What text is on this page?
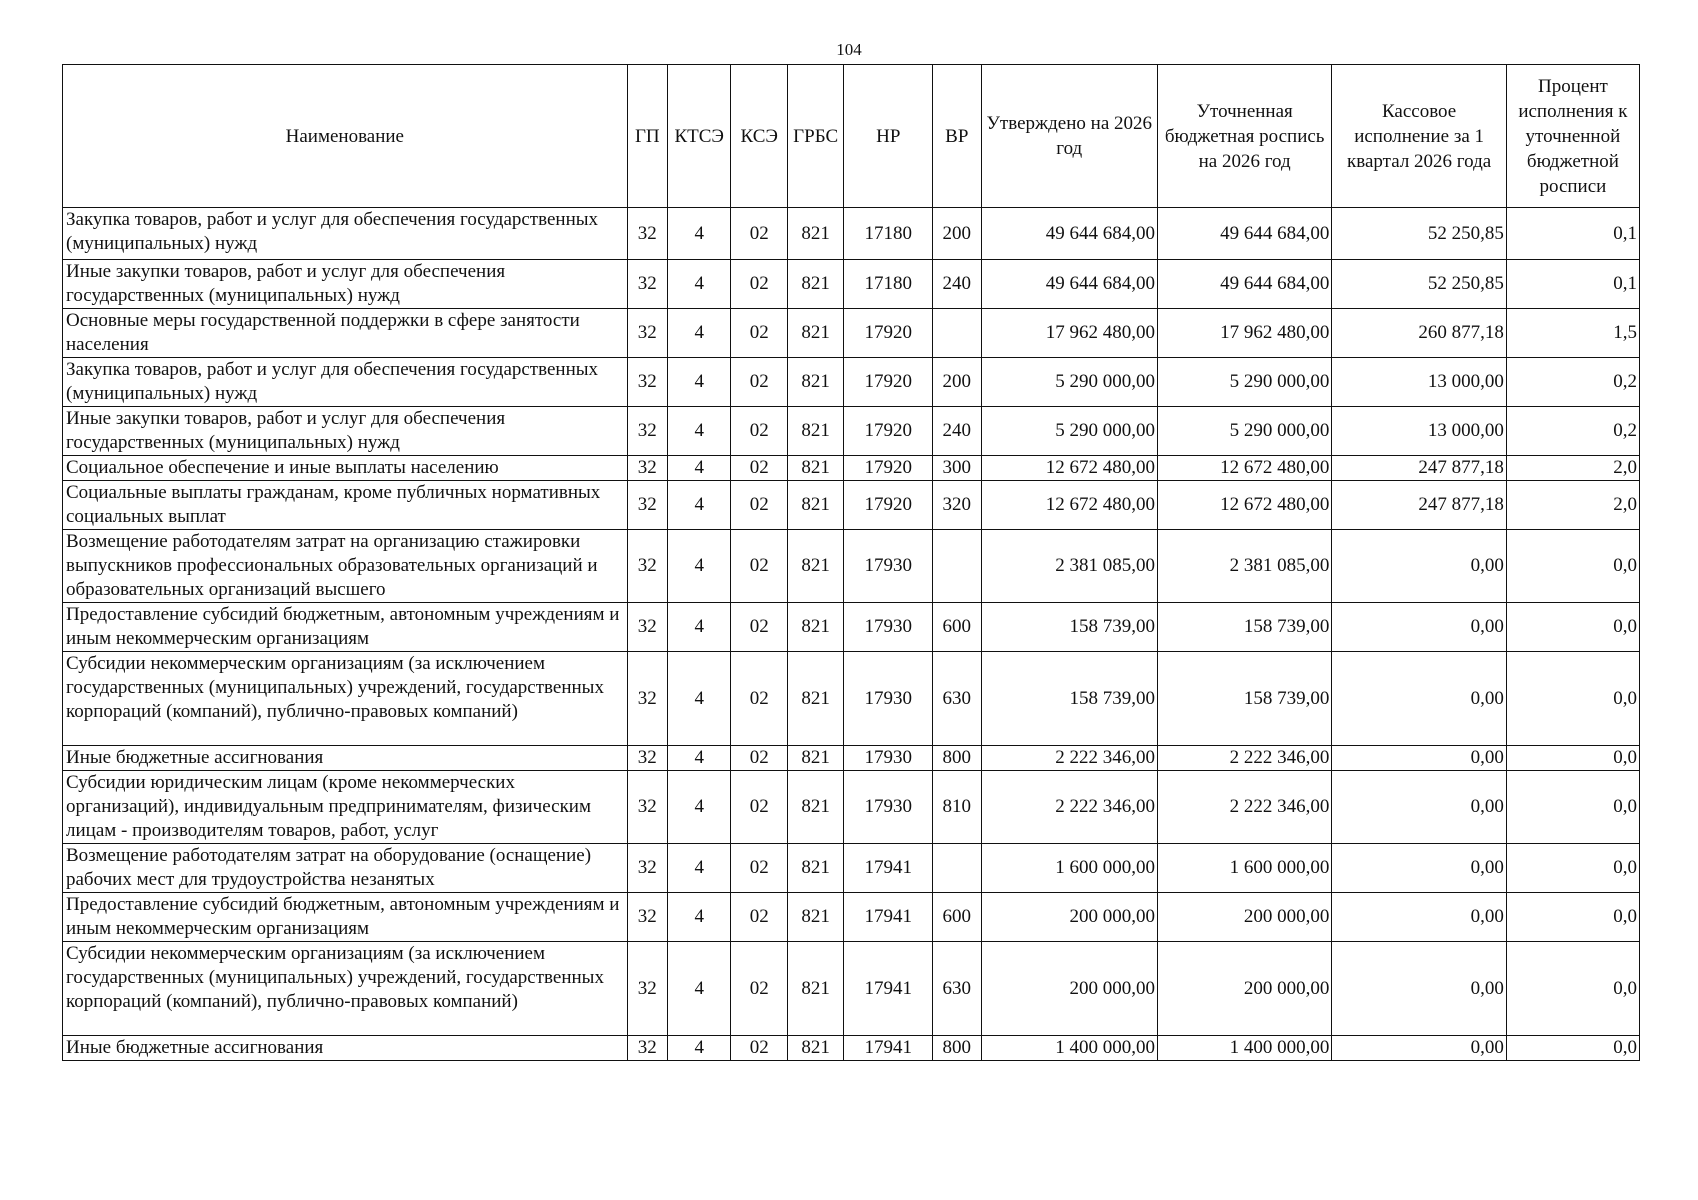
104
Наименование	ГП	КТСЭ	КСЭ	ГРБС	НР	ВР	Утверждено на 2026 год	Уточненная бюджетная роспись на 2026 год	Кассовое исполнение за 1 квартал 2026 года	Процент исполнения к уточненной бюджетной росписи
Закупка товаров, работ и услуг для обеспечения государственных (муниципальных) нужд	32	4	02	821	17180	200	49 644 684,00	49 644 684,00	52 250,85	0,1
Иные закупки товаров, работ и услуг для обеспечения государственных (муниципальных) нужд	32	4	02	821	17180	240	49 644 684,00	49 644 684,00	52 250,85	0,1
Основные меры государственной поддержки в сфере занятости населения	32	4	02	821	17920		17 962 480,00	17 962 480,00	260 877,18	1,5
Закупка товаров, работ и услуг для обеспечения государственных (муниципальных) нужд	32	4	02	821	17920	200	5 290 000,00	5 290 000,00	13 000,00	0,2
Иные закупки товаров, работ и услуг для обеспечения государственных (муниципальных) нужд	32	4	02	821	17920	240	5 290 000,00	5 290 000,00	13 000,00	0,2
Социальное обеспечение и иные выплаты населению	32	4	02	821	17920	300	12 672 480,00	12 672 480,00	247 877,18	2,0
Социальные выплаты гражданам, кроме публичных нормативных социальных выплат	32	4	02	821	17920	320	12 672 480,00	12 672 480,00	247 877,18	2,0
Возмещение работодателям затрат на организацию стажировки выпускников профессиональных образовательных организаций и образовательных организаций высшего	32	4	02	821	17930		2 381 085,00	2 381 085,00	0,00	0,0
Предоставление субсидий бюджетным, автономным учреждениям и иным некоммерческим организациям	32	4	02	821	17930	600	158 739,00	158 739,00	0,00	0,0
Субсидии некоммерческим организациям (за исключением государственных (муниципальных) учреждений, государственных корпораций (компаний), публично-правовых компаний)	32	4	02	821	17930	630	158 739,00	158 739,00	0,00	0,0
Иные бюджетные ассигнования	32	4	02	821	17930	800	2 222 346,00	2 222 346,00	0,00	0,0
Субсидии юридическим лицам (кроме некоммерческих организаций), индивидуальным предпринимателям, физическим лицам - производителям товаров, работ, услуг	32	4	02	821	17930	810	2 222 346,00	2 222 346,00	0,00	0,0
Возмещение работодателям затрат на оборудование (оснащение) рабочих мест для трудоустройства незанятых	32	4	02	821	17941		1 600 000,00	1 600 000,00	0,00	0,0
Предоставление субсидий бюджетным, автономным учреждениям и иным некоммерческим организациям	32	4	02	821	17941	600	200 000,00	200 000,00	0,00	0,0
Субсидии некоммерческим организациям (за исключением государственных (муниципальных) учреждений, государственных корпораций (компаний), публично-правовых компаний)	32	4	02	821	17941	630	200 000,00	200 000,00	0,00	0,0
Иные бюджетные ассигнования	32	4	02	821	17941	800	1 400 000,00	1 400 000,00	0,00	0,0
